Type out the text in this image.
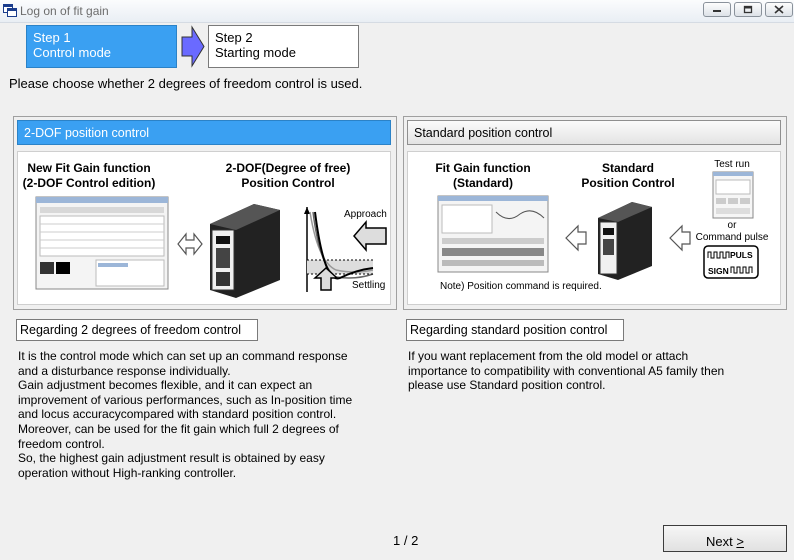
Log on of fit gain
Step 1
Control mode
Step 2
Starting mode
Please choose whether 2 degrees of freedom control is used.
2-DOF position control
New Fit Gain function
(2-DOF Control edition)
2-DOF(Degree of free)
Position Control
Approach
Settling
Standard position control
Fit Gain function
(Standard)
Standard
Position Control
Test run
or
Command pulse
PULS
SIGN
Note) Position command is required.
Regarding 2 degrees of freedom control	Regarding standard position control
It is the control mode which can set up an command response
and a disturbance response individually.
Gain adjustment becomes flexible, and it can expect an
improvement of various performances, such as In-position time
and locus accuracycompared with standard position control.
Moreover, can be used for the fit gain which full 2 degrees of
freedom control.
So, the highest gain adjustment result is obtained by easy
operation without High-ranking controller.
If you want replacement from the old model or attach
importance to compatibility with conventional A5 family then
please use Standard position control.
1 / 2	Next >
